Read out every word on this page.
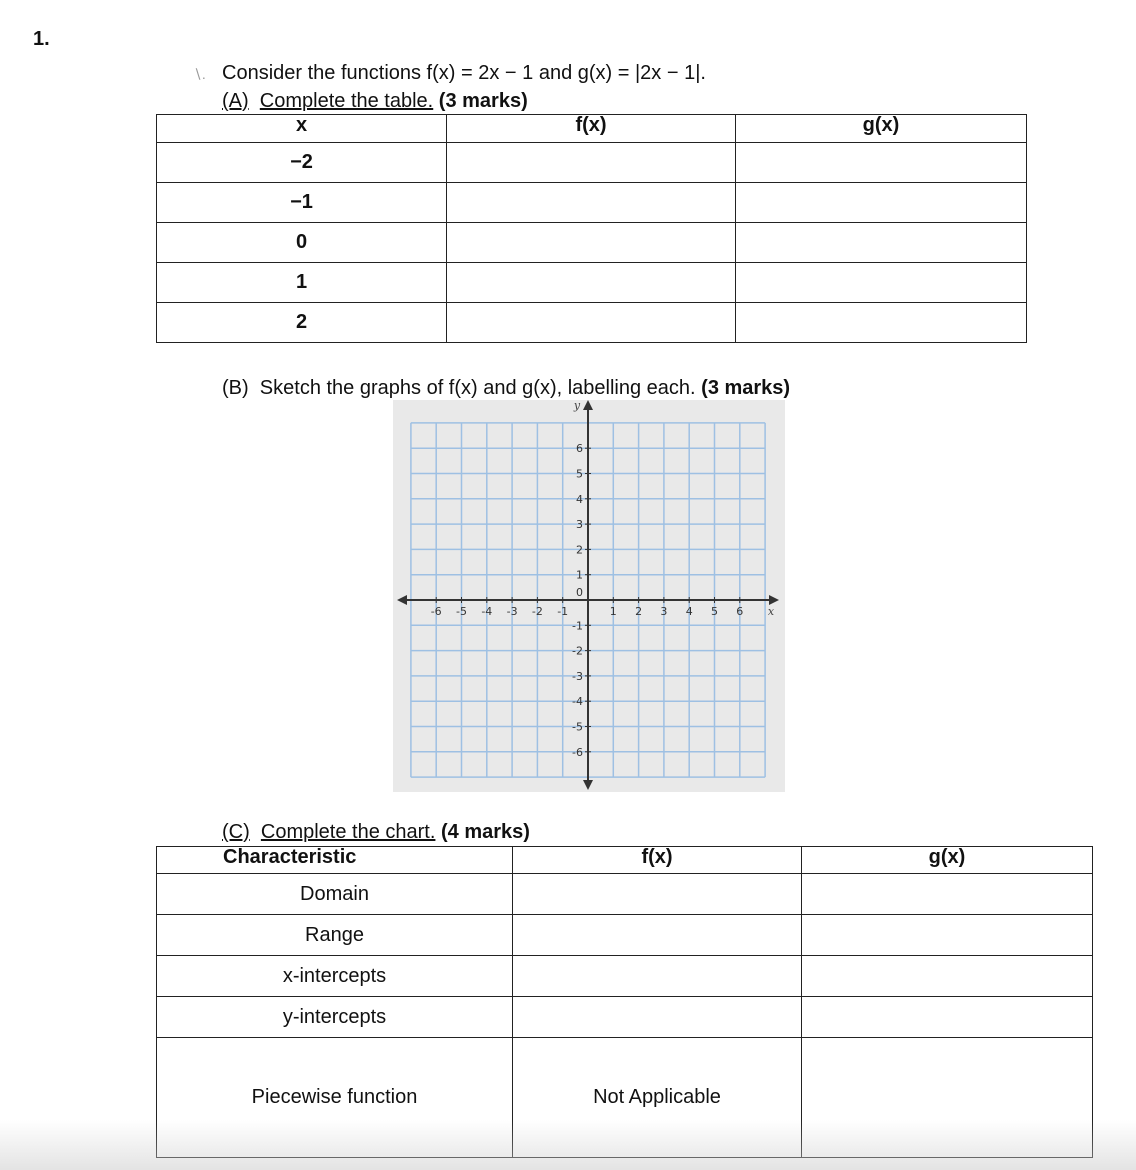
1.
∖. Consider the functions f(x) = 2x − 1 and g(x) = |2x − 1|.
(A) Complete the table. (3 marks)
x	f(x)	g(x)
−2		
−1		
0		
1		
2		
(B) Sketch the graphs of f(x) and g(x), labelling each. (3 marks)
-6 -5 -4 -3 -2 -1	1 2 3 4 5 6
6
5
4
3
2
1
-1
-2
-3
-4
-5
-6
0
x
y
(C) Complete the chart. (4 marks)
Characteristic	f(x)	g(x)
Domain		
Range		
x-intercepts		
y-intercepts		
Piecewise function	Not Applicable	
